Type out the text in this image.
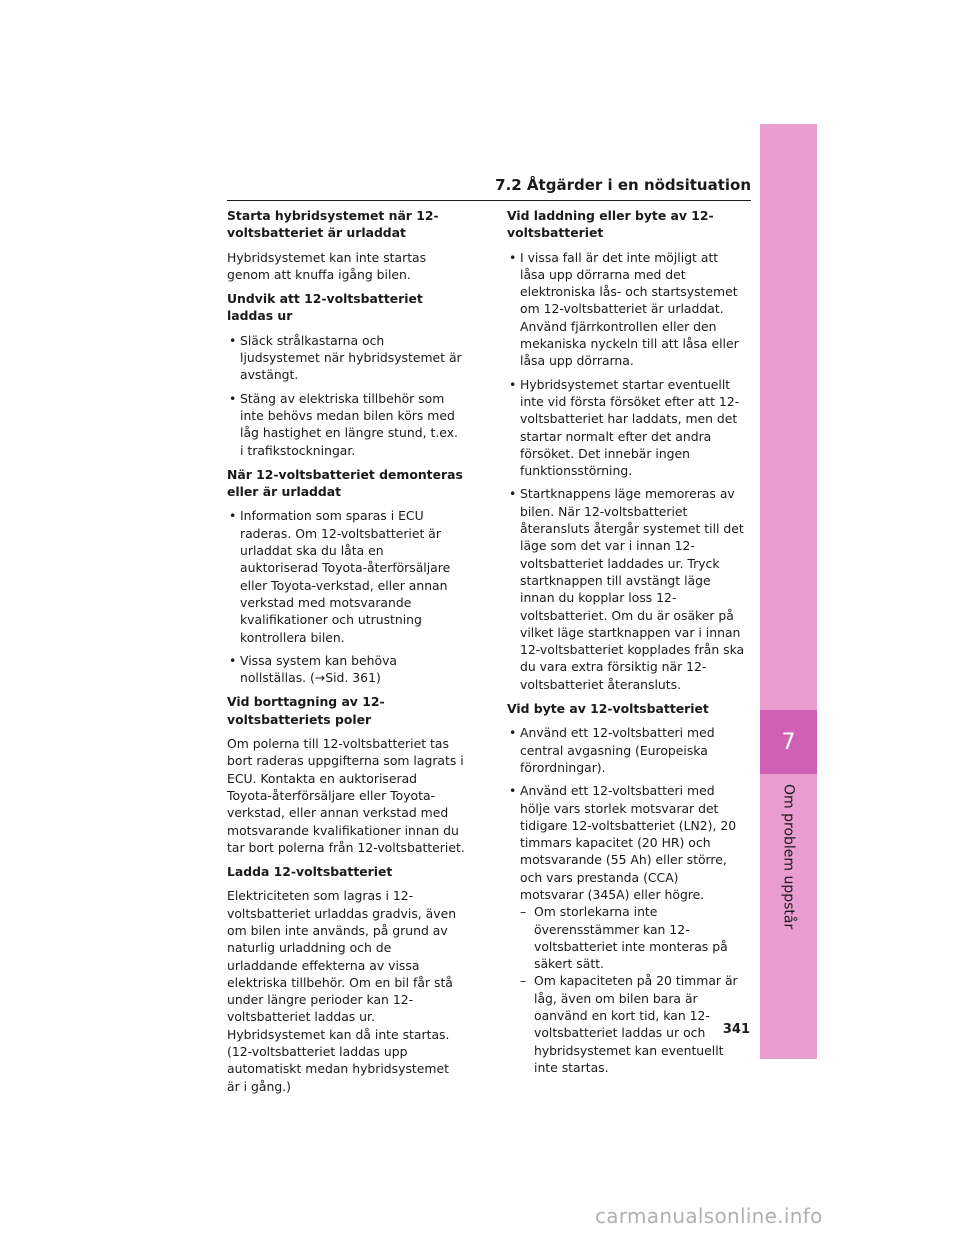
7
Om problem uppstår
7.2 Åtgärder i en nödsituation
Starta hybridsystemet när 12-voltsbatteriet är urladdat

Hybridsystemet kan inte startas genom att knuffa igång bilen.

Undvik att 12-voltsbatteriet laddas ur
• Släck strålkastarna och ljudsystemet när hybridsystemet är avstängt.
• Stäng av elektriska tillbehör som inte behövs medan bilen körs med låg hastighet en längre stund, t.ex. i trafikstockningar.
När 12-voltsbatteriet demonteras eller är urladdat
• Information som sparas i ECU raderas. Om 12-voltsbatteriet är urladdat ska du låta en auktoriserad Toyota-återförsäljare eller Toyota-verkstad, eller annan verkstad med motsvarande kvalifikationer och utrustning kontrollera bilen.
• Vissa system kan behöva nollställas. (→Sid. 361)
Vid borttagning av 12-voltsbatteriets poler

Om polerna till 12-voltsbatteriet tas bort raderas uppgifterna som lagrats i ECU. Kontakta en auktoriserad Toyota-återförsäljare eller Toyota-verkstad, eller annan verkstad med motsvarande kvalifikationer innan du tar bort polerna från 12-voltsbatteriet.

Ladda 12-voltsbatteriet

Elektriciteten som lagras i 12-voltsbatteriet urladdas gradvis, även om bilen inte används, på grund av naturlig urladdning och de urladdande effekterna av vissa elektriska tillbehör. Om en bil får stå under längre perioder kan 12-voltsbatteriet laddas ur. Hybridsystemet kan då inte startas. (12-voltsbatteriet laddas upp automatiskt medan hybridsystemet är i gång.)

Vid laddning eller byte av 12-voltsbatteriet
• I vissa fall är det inte möjligt att låsa upp dörrarna med det elektroniska lås- och startsystemet om 12-voltsbatteriet är urladdat. Använd fjärrkontrollen eller den mekaniska nyckeln till att låsa eller låsa upp dörrarna.
• Hybridsystemet startar eventuellt inte vid första försöket efter att 12-voltsbatteriet har laddats, men det startar normalt efter det andra försöket. Det innebär ingen funktionsstörning.
• Startknappens läge memoreras av bilen. När 12-voltsbatteriet återansluts återgår systemet till det läge som det var i innan 12-voltsbatteriet laddades ur. Tryck startknappen till avstängt läge innan du kopplar loss 12-voltsbatteriet. Om du är osäker på vilket läge startknappen var i innan 12-voltsbatteriet kopplades från ska du vara extra försiktig när 12-voltsbatteriet återansluts.
Vid byte av 12-voltsbatteriet
• Använd ett 12-voltsbatteri med central avgasning (Europeiska förordningar).
• Använd ett 12-voltsbatteri med hölje vars storlek motsvarar det tidigare 12-voltsbatteriet (LN2), 20 timmars kapacitet (20 HR) och motsvarande (55 Ah) eller större, och vars prestanda (CCA) motsvarar (345A) eller högre.
– Om storlekarna inte överensstämmer kan 12-voltsbatteriet inte monteras på säkert sätt.
– Om kapaciteten på 20 timmar är låg, även om bilen bara är oanvänd en kort tid, kan 12-voltsbatteriet laddas ur och hybridsystemet kan eventuellt inte startas.
341
carmanualsonline.info
